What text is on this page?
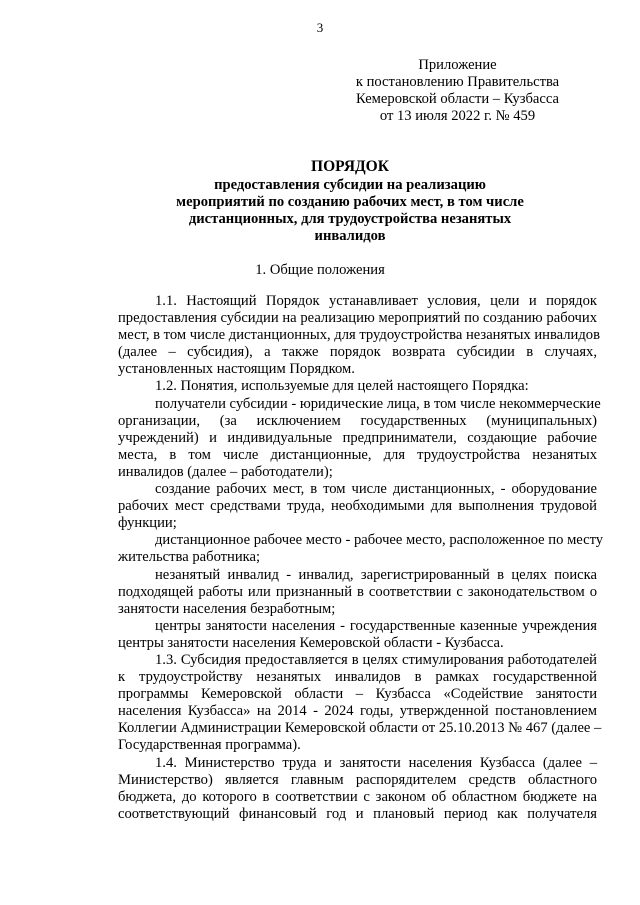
3
Приложение
к постановлению Правительства
Кемеровской области – Кузбасса
от 13 июля 2022 г. № 459
ПОРЯДОК
предоставления субсидии на реализацию
мероприятий по созданию рабочих мест, в том числе
дистанционных, для трудоустройства незанятых
инвалидов
1. Общие положения
1.1. Настоящий Порядок устанавливает условия, цели и порядок
предоставления субсидии на реализацию мероприятий по созданию рабочих
мест, в том числе дистанционных, для трудоустройства незанятых инвалидов
(далее – субсидия), а также порядок возврата субсидии в случаях,
установленных настоящим Порядком.
1.2. Понятия, используемые для целей настоящего Порядка:
получатели субсидии - юридические лица, в том числе некоммерческие
организации, (за исключением государственных (муниципальных)
учреждений) и индивидуальные предприниматели, создающие рабочие
места, в том числе дистанционные, для трудоустройства незанятых
инвалидов (далее – работодатели);
создание рабочих мест, в том числе дистанционных, - оборудование
рабочих мест средствами труда, необходимыми для выполнения трудовой
функции;
дистанционное рабочее место - рабочее место, расположенное по месту
жительства работника;
незанятый инвалид - инвалид, зарегистрированный в целях поиска
подходящей работы или признанный в соответствии с законодательством о
занятости населения безработным;
центры занятости населения - государственные казенные учреждения
центры занятости населения Кемеровской области - Кузбасса.
1.3. Субсидия предоставляется в целях стимулирования работодателей
к трудоустройству незанятых инвалидов в рамках государственной
программы Кемеровской области – Кузбасса «Содействие занятости
населения Кузбасса» на 2014 - 2024 годы, утвержденной постановлением
Коллегии Администрации Кемеровской области от 25.10.2013 № 467 (далее –
Государственная программа).
1.4. Министерство труда и занятости населения Кузбасса (далее –
Министерство) является главным распорядителем средств областного
бюджета, до которого в соответствии с законом об областном бюджете на
соответствующий финансовый год и плановый период как получателя
